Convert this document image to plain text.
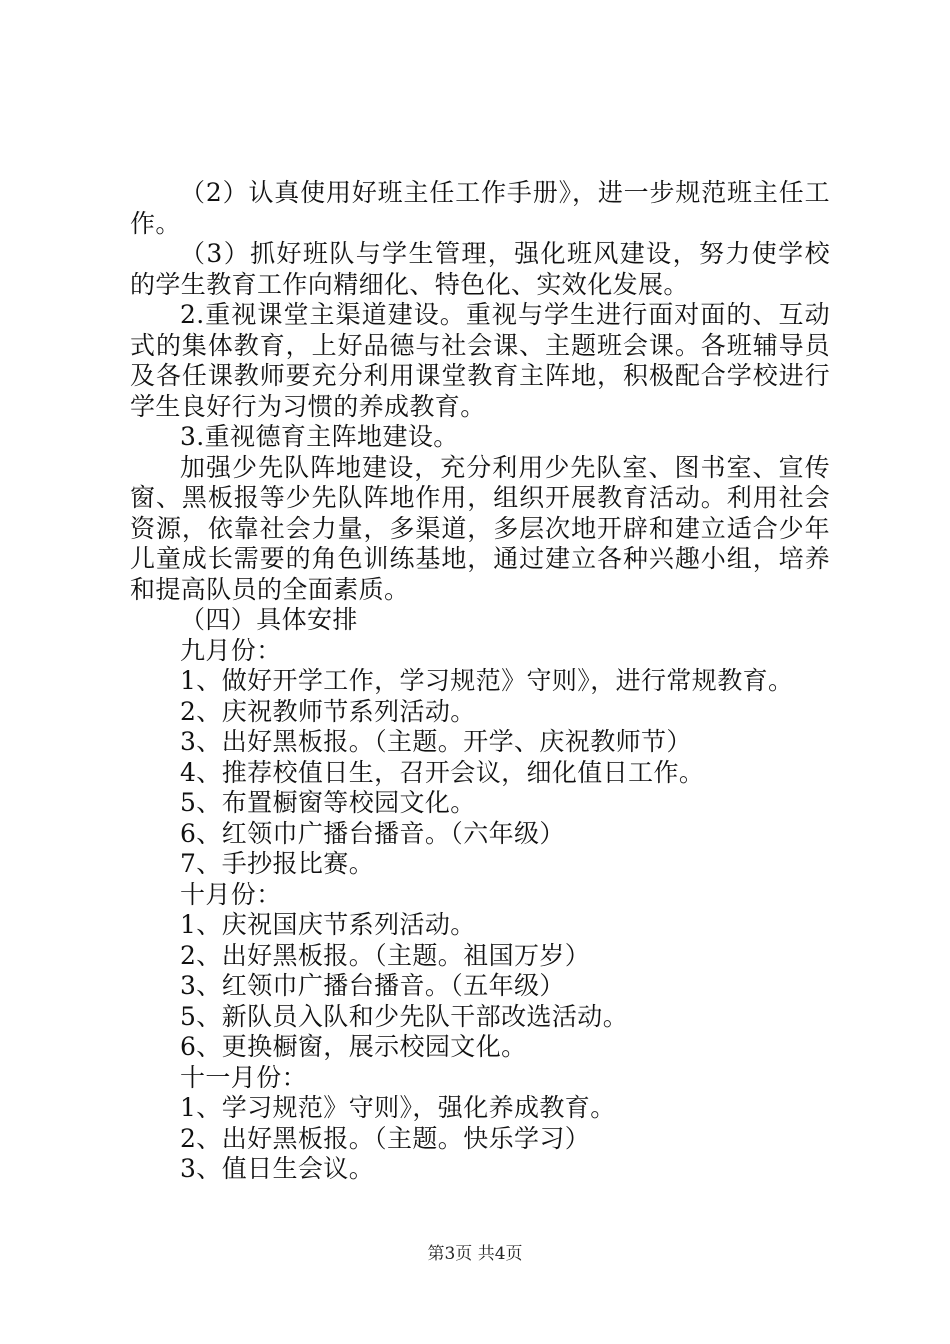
（2）认真使用好班主任工作手册》，进一步规范班主任工作。

（3）抓好班队与学生管理，强化班风建设，努力使学校的学生教育工作向精细化、特色化、实效化发展。

2.重视课堂主渠道建设。重视与学生进行面对面的、互动式的集体教育，上好品德与社会课、主题班会课。各班辅导员及各任课教师要充分利用课堂教育主阵地，积极配合学校进行学生良好行为习惯的养成教育。

3.重视德育主阵地建设。

加强少先队阵地建设，充分利用少先队室、图书室、宣传窗、黑板报等少先队阵地作用，组织开展教育活动。利用社会资源，依靠社会力量，多渠道，多层次地开辟和建立适合少年儿童成长需要的角色训练基地，通过建立各种兴趣小组，培养和提高队员的全面素质。

（四）具体安排

九月份：

1、做好开学工作，学习规范》守则》，进行常规教育。

2、庆祝教师节系列活动。

3、出好黑板报。（主题。开学、庆祝教师节）

4、推荐校值日生，召开会议，细化值日工作。

5、布置橱窗等校园文化。

6、红领巾广播台播音。（六年级）

7、手抄报比赛。

十月份：

1、庆祝国庆节系列活动。

2、出好黑板报。（主题。祖国万岁）

3、红领巾广播台播音。（五年级）

5、新队员入队和少先队干部改选活动。

6、更换橱窗，展示校园文化。

十一月份：

1、学习规范》守则》，强化养成教育。

2、出好黑板报。（主题。快乐学习）

3、值日生会议。

第3页 共4页
